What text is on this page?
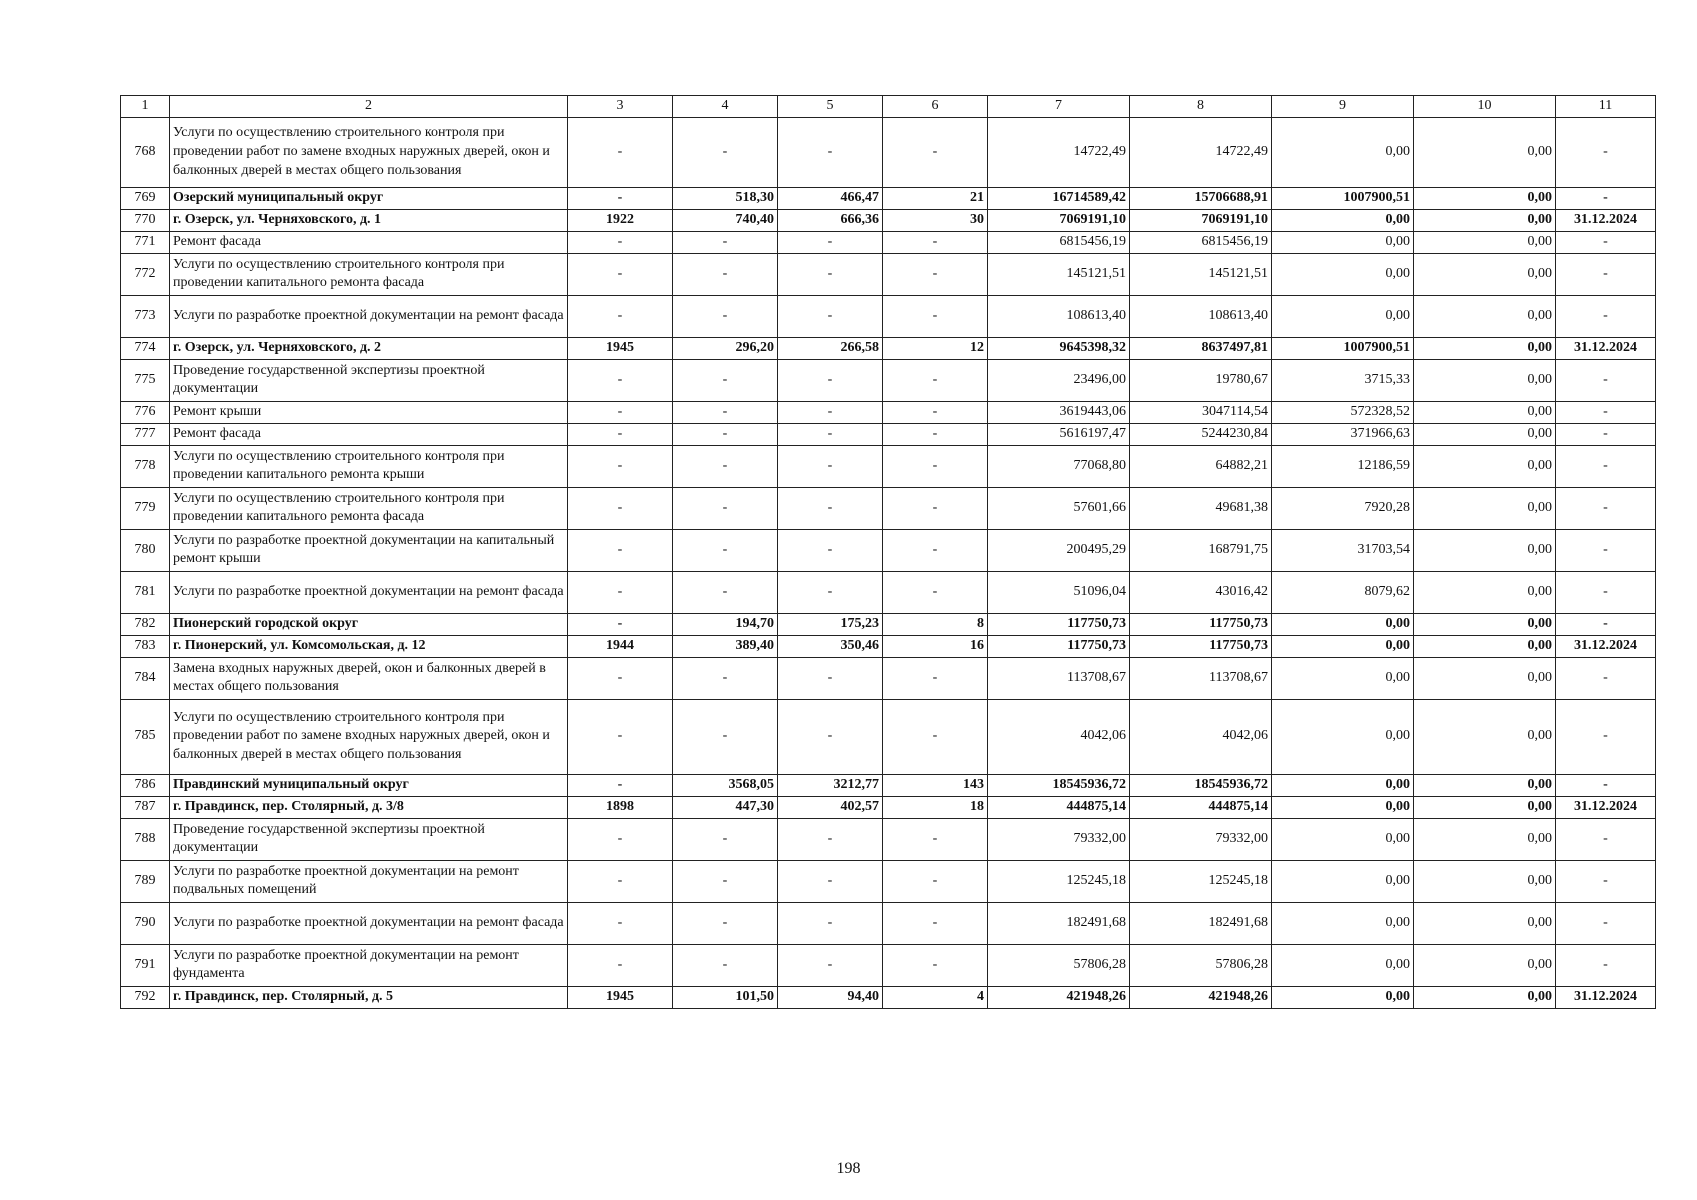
1	2	3	4	5	6	7	8	9	10	11
768	Услуги по осуществлению строительного контроля при проведении работ по замене входных наружных дверей, окон и балконных дверей в местах общего пользования	-	-	-	-	14722,49	14722,49	0,00	0,00	-
769	Озерский муниципальный округ	-	518,30	466,47	21	16714589,42	15706688,91	1007900,51	0,00	-
770	г. Озерск, ул. Черняховского, д. 1	1922	740,40	666,36	30	7069191,10	7069191,10	0,00	0,00	31.12.2024
771	Ремонт фасада	-	-	-	-	6815456,19	6815456,19	0,00	0,00	-
772	Услуги по осуществлению строительного контроля при проведении капитального ремонта фасада	-	-	-	-	145121,51	145121,51	0,00	0,00	-
773	Услуги по разработке проектной документации на ремонт фасада	-	-	-	-	108613,40	108613,40	0,00	0,00	-
774	г. Озерск, ул. Черняховского, д. 2	1945	296,20	266,58	12	9645398,32	8637497,81	1007900,51	0,00	31.12.2024
775	Проведение государственной экспертизы проектной документации	-	-	-	-	23496,00	19780,67	3715,33	0,00	-
776	Ремонт крыши	-	-	-	-	3619443,06	3047114,54	572328,52	0,00	-
777	Ремонт фасада	-	-	-	-	5616197,47	5244230,84	371966,63	0,00	-
778	Услуги по осуществлению строительного контроля при проведении капитального ремонта крыши	-	-	-	-	77068,80	64882,21	12186,59	0,00	-
779	Услуги по осуществлению строительного контроля при проведении капитального ремонта фасада	-	-	-	-	57601,66	49681,38	7920,28	0,00	-
780	Услуги по разработке проектной документации на капитальный ремонт крыши	-	-	-	-	200495,29	168791,75	31703,54	0,00	-
781	Услуги по разработке проектной документации на ремонт фасада	-	-	-	-	51096,04	43016,42	8079,62	0,00	-
782	Пионерский городской округ	-	194,70	175,23	8	117750,73	117750,73	0,00	0,00	-
783	г. Пионерский, ул. Комсомольская, д. 12	1944	389,40	350,46	16	117750,73	117750,73	0,00	0,00	31.12.2024
784	Замена входных наружных дверей, окон и балконных дверей в местах общего пользования	-	-	-	-	113708,67	113708,67	0,00	0,00	-
785	Услуги по осуществлению строительного контроля при проведении работ по замене входных наружных дверей, окон и балконных дверей в местах общего пользования	-	-	-	-	4042,06	4042,06	0,00	0,00	-
786	Правдинский муниципальный округ	-	3568,05	3212,77	143	18545936,72	18545936,72	0,00	0,00	-
787	г. Правдинск, пер. Столярный, д. 3/8	1898	447,30	402,57	18	444875,14	444875,14	0,00	0,00	31.12.2024
788	Проведение государственной экспертизы проектной документации	-	-	-	-	79332,00	79332,00	0,00	0,00	-
789	Услуги по разработке проектной документации на ремонт подвальных помещений	-	-	-	-	125245,18	125245,18	0,00	0,00	-
790	Услуги по разработке проектной документации на ремонт фасада	-	-	-	-	182491,68	182491,68	0,00	0,00	-
791	Услуги по разработке проектной документации на ремонт фундамента	-	-	-	-	57806,28	57806,28	0,00	0,00	-
792	г. Правдинск, пер. Столярный, д. 5	1945	101,50	94,40	4	421948,26	421948,26	0,00	0,00	31.12.2024
198
